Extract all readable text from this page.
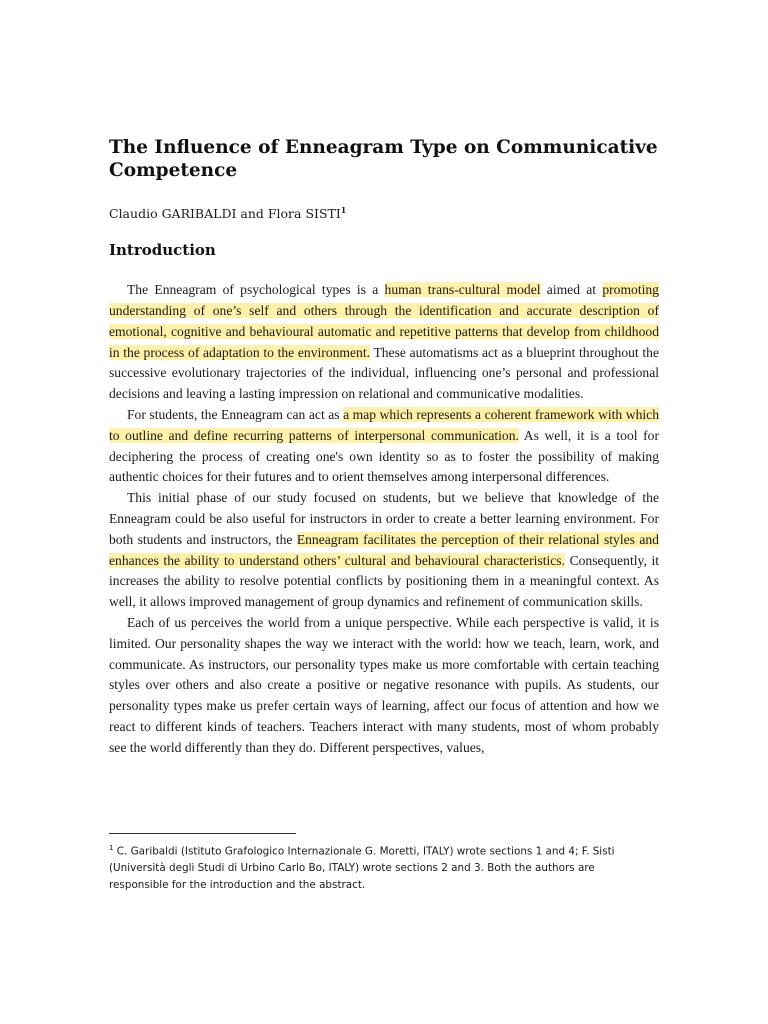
The Influence of Enneagram Type on Communicative Competence
Claudio GARIBALDI and Flora SISTI$^1$
Introduction

The Enneagram of psychological types is a human trans-cultural model aimed at promoting understanding of one’s self and others through the identification and accurate description of emotional, cognitive and behavioural automatic and repetitive patterns that develop from childhood in the process of adaptation to the environment. These automatisms act as a blueprint throughout the successive evolutionary trajectories of the individual, influencing one’s personal and professional decisions and leaving a lasting impression on relational and communicative modalities.

For students, the Enneagram can act as a map which represents a coherent framework with which to outline and define recurring patterns of interpersonal communication. As well, it is a tool for deciphering the process of creating one's own identity so as to foster the possibility of making authentic choices for their futures and to orient themselves among interpersonal differences.

This initial phase of our study focused on students, but we believe that knowledge of the Enneagram could be also useful for instructors in order to create a better learning environment. For both students and instructors, the Enneagram facilitates the perception of their relational styles and enhances the ability to understand others’ cultural and behavioural characteristics. Consequently, it increases the ability to resolve potential conflicts by positioning them in a meaningful context. As well, it allows improved management of group dynamics and refinement of communication skills.

Each of us perceives the world from a unique perspective. While each perspective is valid, it is limited. Our personality shapes the way we interact with the world: how we teach, learn, work, and communicate. As instructors, our personality types make us more comfortable with certain teaching styles over others and also create a positive or negative resonance with pupils. As students, our personality types make us prefer certain ways of learning, affect our focus of attention and how we react to different kinds of teachers. Teachers interact with many students, most of whom probably see the world differently than they do. Different perspectives, values,

$^1$ C. Garibaldi (Istituto Grafologico Internazionale G. Moretti, ITALY) wrote sections 1 and 4; F. Sisti (Università degli Studi di Urbino Carlo Bo, ITALY) wrote sections 2 and 3. Both the authors are responsible for the introduction and the abstract.
